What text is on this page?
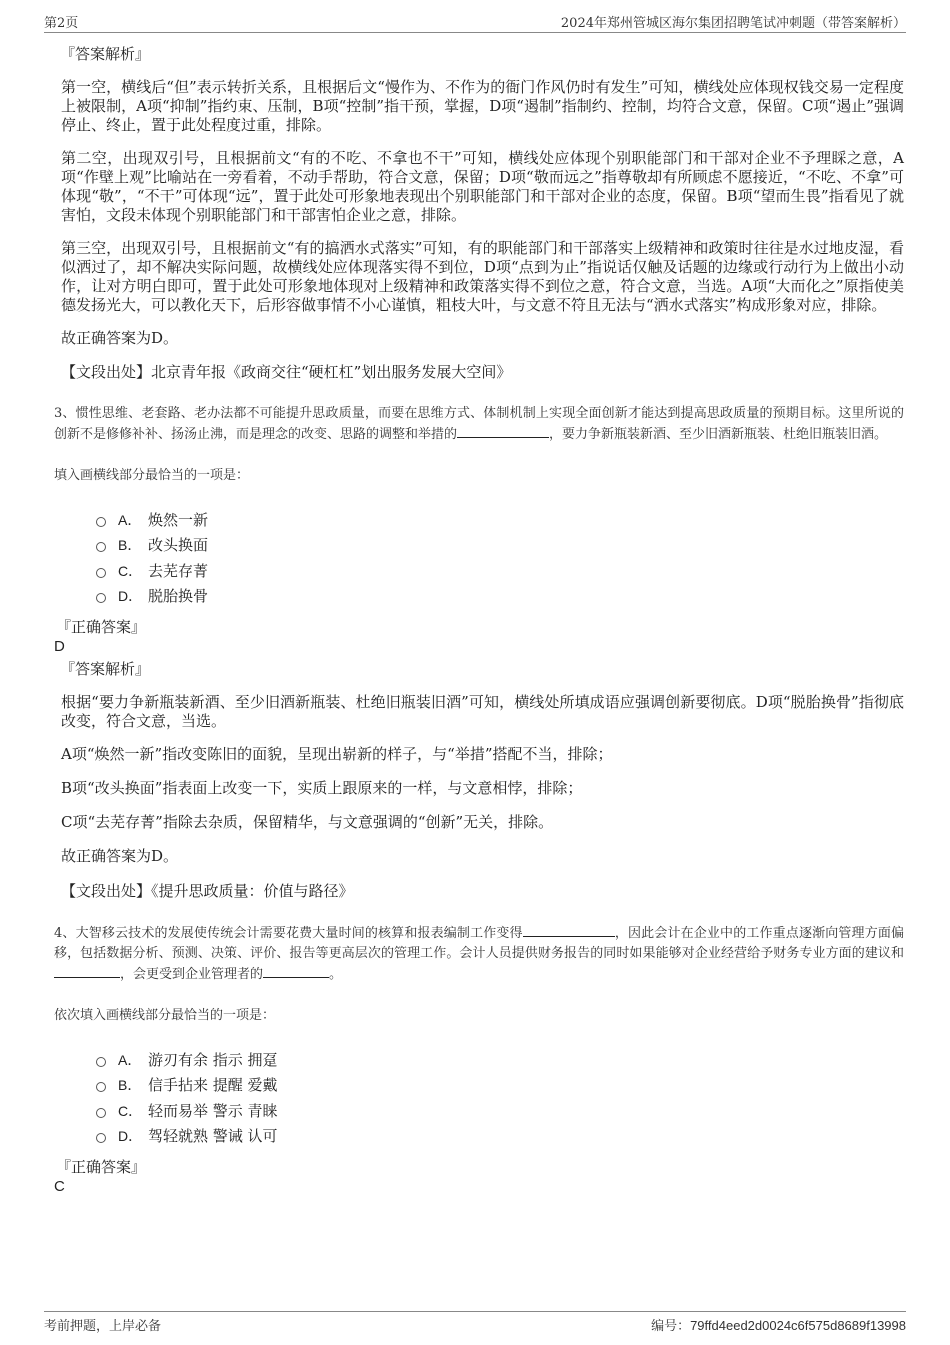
第2页	2024年郑州管城区海尔集团招聘笔试冲刺题（带答案解析）
『答案解析』

第一空，横线后“但”表示转折关系，且根据后文“慢作为、不作为的衙门作风仍时有发生”可知，横线处应体现权钱交易一定程度上被限制，A项“抑制”指约束、压制，B项“控制”指干预，掌握，D项“遏制”指制约、控制，均符合文意，保留。C项“遏止”强调停止、终止，置于此处程度过重，排除。

第二空，出现双引号，且根据前文“有的不吃、不拿也不干”可知，横线处应体现个别职能部门和干部对企业不予理睬之意，A项“作壁上观”比喻站在一旁看着，不动手帮助，符合文意，保留；D项“敬而远之”指尊敬却有所顾虑不愿接近，“不吃、不拿”可体现“敬”，“不干”可体现“远”，置于此处可形象地表现出个别职能部门和干部对企业的态度，保留。B项“望而生畏”指看见了就害怕，文段未体现个别职能部门和干部害怕企业之意，排除。

第三空，出现双引号，且根据前文“有的搞洒水式落实”可知，有的职能部门和干部落实上级精神和政策时往往是水过地皮湿，看似洒过了，却不解决实际问题，故横线处应体现落实得不到位，D项“点到为止”指说话仅触及话题的边缘或行动行为上做出小动作，让对方明白即可，置于此处可形象地体现对上级精神和政策落实得不到位之意，符合文意，当选。A项“大而化之”原指使美德发扬光大，可以教化天下，后形容做事情不小心谨慎，粗枝大叶，与文意不符且无法与“洒水式落实”构成形象对应，排除。

故正确答案为D。

【文段出处】北京青年报《政商交往“硬杠杠”划出服务发展大空间》

3、惯性思维、老套路、老办法都不可能提升思政质量，而要在思维方式、体制机制上实现全面创新才能达到提高思政质量的预期目标。这里所说的创新不是修修补补、扬汤止沸，而是理念的改变、思路的调整和举措的	，要力争新瓶装新酒、至少旧酒新瓶装、杜绝旧瓶装旧酒。

填入画横线部分最恰当的一项是：

A． 焕然一新
B． 改头换面
C． 去芜存菁
D． 脱胎换骨
『正确答案』
D
『答案解析』

根据“要力争新瓶装新酒、至少旧酒新瓶装、杜绝旧瓶装旧酒”可知，横线处所填成语应强调创新要彻底。D项“脱胎换骨”指彻底改变，符合文意，当选。

A项“焕然一新”指改变陈旧的面貌，呈现出崭新的样子，与“举措”搭配不当，排除；

B项“改头换面”指表面上改变一下，实质上跟原来的一样，与文意相悖，排除；

C项“去芜存菁”指除去杂质，保留精华，与文意强调的“创新”无关，排除。

故正确答案为D。

【文段出处】《提升思政质量：价值与路径》

4、大智移云技术的发展使传统会计需要花费大量时间的核算和报表编制工作变得	，因此会计在企业中的工作重点逐渐向管理方面偏移，包括数据分析、预测、决策、评价、报告等更高层次的管理工作。会计人员提供财务报告的同时如果能够对企业经营给予财务专业方面的建议和，会更受到企业管理者的	。

依次填入画横线部分最恰当的一项是：

A． 游刃有余 指示 拥趸
B． 信手拈来 提醒 爱戴
C． 轻而易举 警示 青睐
D． 驾轻就熟 警诫 认可
『正确答案』
C
考前押题，上岸必备	编号：79ffd4eed2d0024c6f575d8689f13998
